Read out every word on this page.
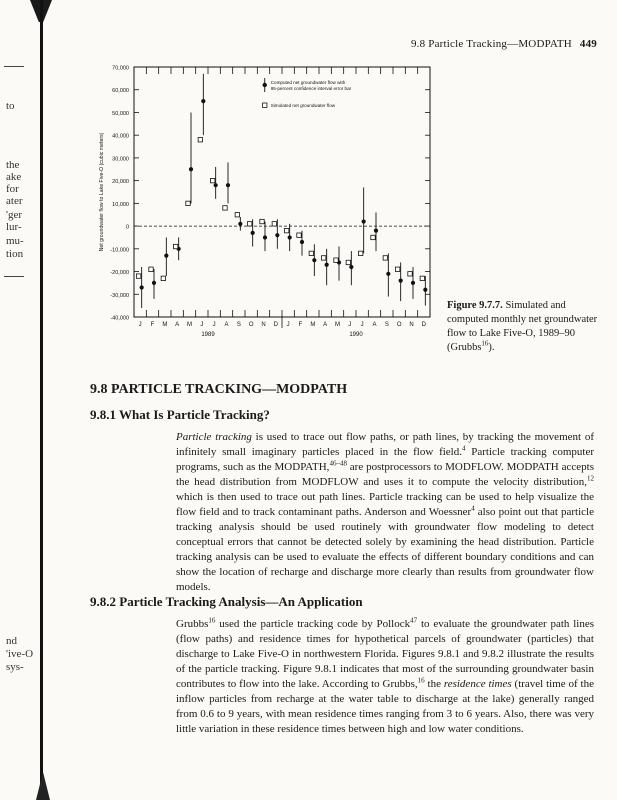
to
the
ake
for
ater
'ger
lur-
mu-
tion
nd
'ive-O
sys-
9.8 Particle Tracking—MODPATH 449
70,000
60,000
50,000
40,000
30,000
20,000
10,000
0
-10,000
-20,000
-30,000
-40,000
J F M A M J J A S O N D J F M A M J J A S O N D
1989	1990
Net groundwater flow to Lake Five-O (cubic meters)
Computed net groundwater flow with
95-percent confidence interval error bar
Simulated net groundwater flow
Figure 9.7.7. Simulated and computed monthly net groundwater flow to Lake Five-O, 1989–90 (Grubbs$^{16}$).
9.8 PARTICLE TRACKING—MODPATH
9.8.1 What Is Particle Tracking?
Particle tracking is used to trace out flow paths, or path lines, by tracking the movement of infinitely small imaginary particles placed in the flow field.$^4$ Particle tracking computer programs, such as the MODPATH,$^{46-48}$ are postprocessors to MODFLOW. MODPATH accepts the head distribution from MODFLOW and uses it to compute the velocity distribution,$^{12}$ which is then used to trace out path lines. Particle tracking can be used to help visualize the flow field and to track contaminant paths. Anderson and Woessner$^4$ also point out that particle tracking analysis should be used routinely with groundwater flow modeling to detect conceptual errors that cannot be detected solely by examining the head distribution. Particle tracking analysis can be used to evaluate the effects of different boundary conditions and can show the location of recharge and discharge more clearly than results from groundwater flow models.
9.8.2 Particle Tracking Analysis—An Application
Grubbs$^{16}$ used the particle tracking code by Pollock$^{47}$ to evaluate the groundwater path lines (flow paths) and residence times for hypothetical parcels of groundwater (particles) that discharge to Lake Five-O in northwestern Florida. Figures 9.8.1 and 9.8.2 illustrate the results of the particle tracking. Figure 9.8.1 indicates that most of the surrounding groundwater basin contributes to flow into the lake. According to Grubbs,$^{16}$ the residence times (travel time of the inflow particles from recharge at the water table to discharge at the lake) generally ranged from 0.6 to 9 years, with mean residence times ranging from 3 to 6 years. Also, there was very little variation in these residence times between high and low water conditions.
